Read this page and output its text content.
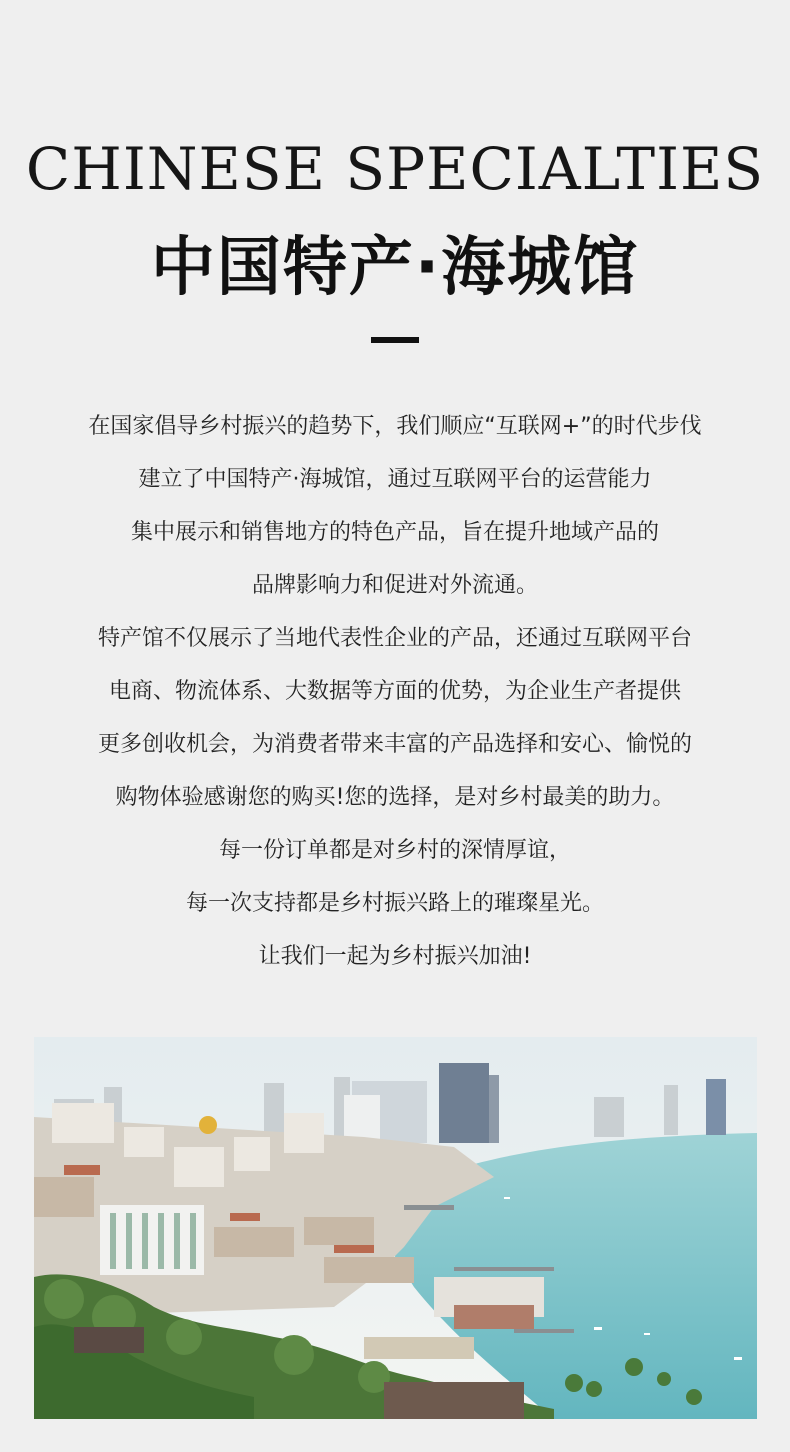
CHINESE SPECIALTIES
中国特产·海城馆
在国家倡导乡村振兴的趋势下，我们顺应“互联网+”的时代步伐
建立了中国特产·海城馆，通过互联网平台的运营能力
集中展示和销售地方的特色产品，旨在提升地域产品的
品牌影响力和促进对外流通。
特产馆不仅展示了当地代表性企业的产品，还通过互联网平台
电商、物流体系、大数据等方面的优势，为企业生产者提供
更多创收机会，为消费者带来丰富的产品选择和安心、愉悦的
购物体验感谢您的购买!您的选择，是对乡村最美的助力。
每一份订单都是对乡村的深情厚谊，
每一次支持都是乡村振兴路上的璀璨星光。
让我们一起为乡村振兴加油!
